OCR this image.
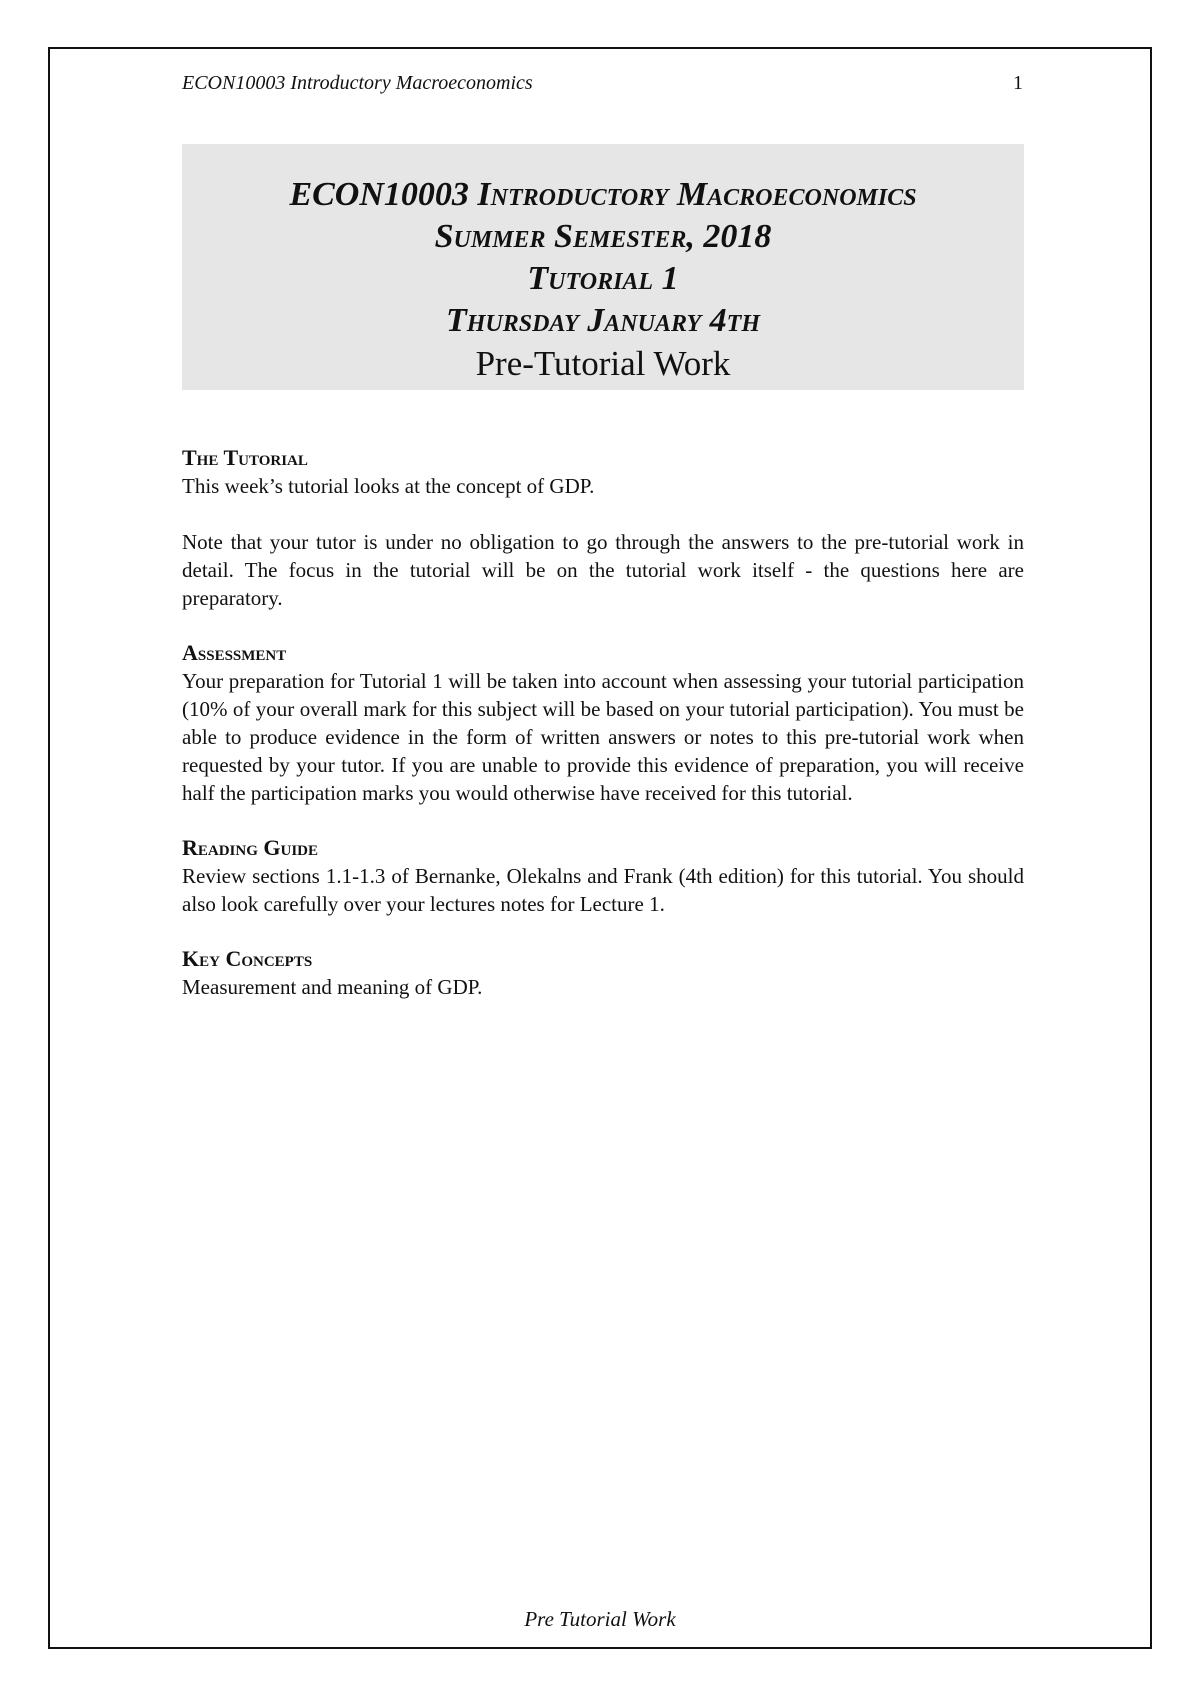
ECON10003 Introductory Macroeconomics	1

ECON10003 Introductory Macroeconomics

Summer Semester, 2018

Tutorial 1

Thursday January 4th

Pre-Tutorial Work

The Tutorial

This week’s tutorial looks at the concept of GDP.

Note that your tutor is under no obligation to go through the answers to the pre-tutorial work in detail. The focus in the tutorial will be on the tutorial work itself - the questions here are preparatory.

Assessment

Your preparation for Tutorial 1 will be taken into account when assessing your tutorial participation (10% of your overall mark for this subject will be based on your tutorial participation). You must be able to produce evidence in the form of written answers or notes to this pre-tutorial work when requested by your tutor. If you are unable to provide this evidence of preparation, you will receive half the participation marks you would otherwise have received for this tutorial.

Reading Guide

Review sections 1.1-1.3 of Bernanke, Olekalns and Frank (4th edition) for this tutorial. You should also look carefully over your lectures notes for Lecture 1.

Key Concepts

Measurement and meaning of GDP.

Pre Tutorial Work
